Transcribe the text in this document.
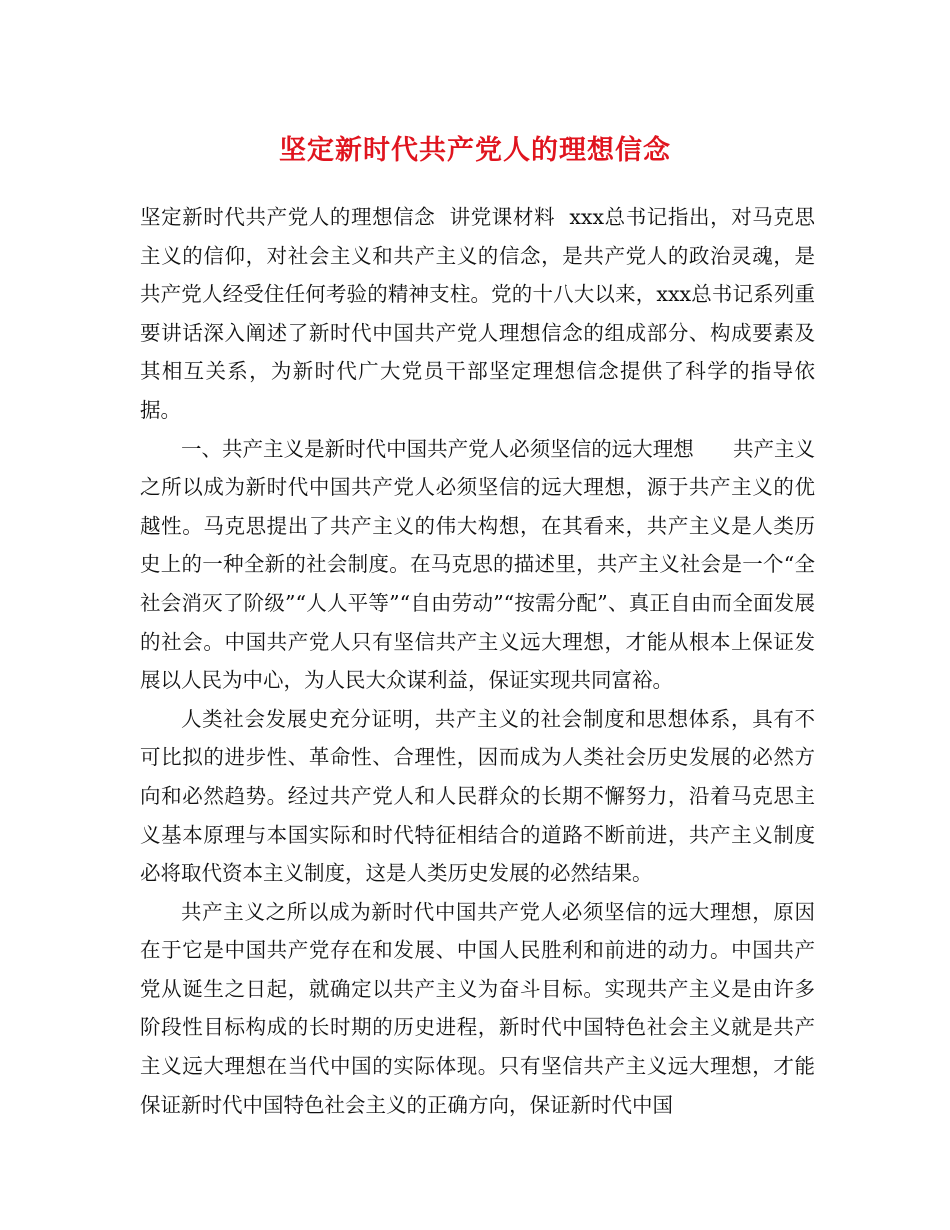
坚定新时代共产党人的理想信念

坚定新时代共产党人的理想信念  讲党课材料  xxx总书记指出，对马克思主义的信仰，对社会主义和共产主义的信念，是共产党人的政治灵魂，是共产党人经受住任何考验的精神支柱。党的十八大以来，xxx总书记系列重要讲话深入阐述了新时代中国共产党人理想信念的组成部分、构成要素及其相互关系，为新时代广大党员干部坚定理想信念提供了科学的指导依据。

一、共产主义是新时代中国共产党人必须坚信的远大理想      共产主义之所以成为新时代中国共产党人必须坚信的远大理想，源于共产主义的优越性。马克思提出了共产主义的伟大构想，在其看来，共产主义是人类历史上的一种全新的社会制度。在马克思的描述里，共产主义社会是一个“全社会消灭了阶级”“人人平等”“自由劳动”“按需分配”、真正自由而全面发展的社会。中国共产党人只有坚信共产主义远大理想，才能从根本上保证发展以人民为中心，为人民大众谋利益，保证实现共同富裕。

人类社会发展史充分证明，共产主义的社会制度和思想体系，具有不可比拟的进步性、革命性、合理性，因而成为人类社会历史发展的必然方向和必然趋势。经过共产党人和人民群众的长期不懈努力，沿着马克思主义基本原理与本国实际和时代特征相结合的道路不断前进，共产主义制度必将取代资本主义制度，这是人类历史发展的必然结果。

共产主义之所以成为新时代中国共产党人必须坚信的远大理想，原因在于它是中国共产党存在和发展、中国人民胜利和前进的动力。中国共产党从诞生之日起，就确定以共产主义为奋斗目标。实现共产主义是由许多阶段性目标构成的长时期的历史进程，新时代中国特色社会主义就是共产主义远大理想在当代中国的实际体现。只有坚信共产主义远大理想，才能保证新时代中国特色社会主义的正确方向，保证新时代中国
